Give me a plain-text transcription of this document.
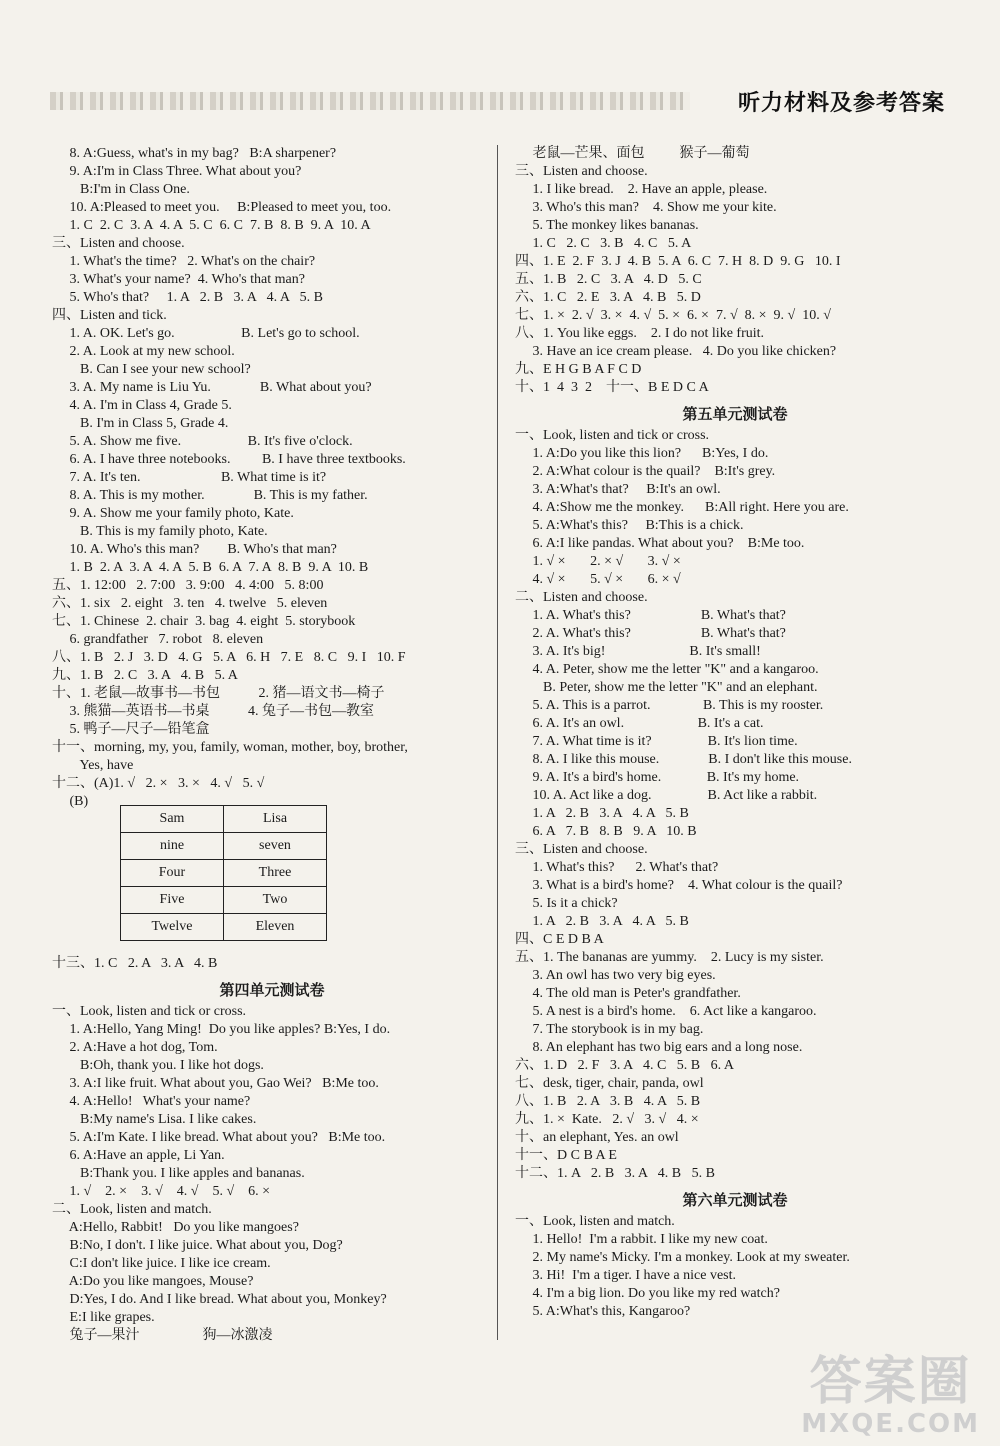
听力材料及参考答案
8. A:Guess, what's in my bag?   B:A sharpener?
9. A:I'm in Class Three. What about you?
B:I'm in Class One.
10. A:Pleased to meet you.     B:Pleased to meet you, too.
1. C  2. C  3. A  4. A  5. C  6. C  7. B  8. B  9. A  10. A
三、Listen and choose.
1. What's the time?   2. What's on the chair?
3. What's your name?  4. Who's that man?
5. Who's that?     1. A   2. B   3. A   4. A   5. B
四、Listen and tick.
1. A. OK. Let's go.                   B. Let's go to school.
2. A. Look at my new school.
B. Can I see your new school?
3. A. My name is Liu Yu.              B. What about you?
4. A. I'm in Class 4, Grade 5.
B. I'm in Class 5, Grade 4.
5. A. Show me five.                   B. It's five o'clock.
6. A. I have three notebooks.         B. I have three textbooks.
7. A. It's ten.                       B. What time is it?
8. A. This is my mother.              B. This is my father.
9. A. Show me your family photo, Kate.
B. This is my family photo, Kate.
10. A. Who's this man?        B. Who's that man?
1. B  2. A  3. A  4. A  5. B  6. A  7. A  8. B  9. A  10. B
五、1. 12:00   2. 7:00   3. 9:00   4. 4:00   5. 8:00
六、1. six   2. eight   3. ten   4. twelve   5. eleven
七、1. Chinese  2. chair  3. bag  4. eight  5. storybook
6. grandfather   7. robot   8. eleven
八、1. B   2. J   3. D   4. G   5. A   6. H   7. E   8. C   9. I   10. F
九、1. B   2. C   3. A   4. B   5. A
十、1. 老鼠—故事书—书包           2. 猪—语文书—椅子
3. 熊猫—英语书—书桌           4. 兔子—书包—教室
5. 鸭子—尺子—铅笔盒
十一、morning, my, you, family, woman, mother, boy, brother,
Yes, have
十二、(A)1. √   2. ×   3. ×   4. √   5. √
(B)
Sam	Lisa
nine	seven
Four	Three
Five	Two
Twelve	Eleven
十三、1. C   2. A   3. A   4. B
第四单元测试卷
一、Look, listen and tick or cross.
1. A:Hello, Yang Ming!  Do you like apples? B:Yes, I do.
2. A:Have a hot dog, Tom.
B:Oh, thank you. I like hot dogs.
3. A:I like fruit. What about you, Gao Wei?   B:Me too.
4. A:Hello!   What's your name?
B:My name's Lisa. I like cakes.
5. A:I'm Kate. I like bread. What about you?   B:Me too.
6. A:Have an apple, Li Yan.
B:Thank you. I like apples and bananas.
1. √    2. ×    3. √    4. √    5. √    6. ×
二、Look, listen and match.
A:Hello, Rabbit!   Do you like mangoes?
B:No, I don't. I like juice. What about you, Dog?
C:I don't like juice. I like ice cream.
A:Do you like mangoes, Mouse?
D:Yes, I do. And I like bread. What about you, Monkey?
E:I like grapes.
兔子—果汁                  狗—冰激凌
老鼠—芒果、面包          猴子—葡萄
三、Listen and choose.
1. I like bread.    2. Have an apple, please.
3. Who's this man?    4. Show me your kite.
5. The monkey likes bananas.
1. C   2. C   3. B   4. C   5. A
四、1. E  2. F  3. J  4. B  5. A  6. C  7. H  8. D  9. G   10. I
五、1. B   2. C   3. A   4. D   5. C
六、1. C   2. E   3. A   4. B   5. D
七、1. ×  2. √  3. ×  4. √  5. ×  6. ×  7. √  8. ×  9. √  10. √
八、1. You like eggs.    2. I do not like fruit.
3. Have an ice cream please.   4. Do you like chicken?
九、E H G B A F C D
十、1  4  3  2    十一、B E D C A
第五单元测试卷
一、Look, listen and tick or cross.
1. A:Do you like this lion?      B:Yes, I do.
2. A:What colour is the quail?    B:It's grey.
3. A:What's that?     B:It's an owl.
4. A:Show me the monkey.      B:All right. Here you are.
5. A:What's this?     B:This is a chick.
6. A:I like pandas. What about you?    B:Me too.
1. √ ×       2. × √       3. √ ×
4. √ ×       5. √ ×       6. × √
二、Listen and choose.
1. A. What's this?                    B. What's that?
2. A. What's this?                    B. What's that?
3. A. It's big!                        B. It's small!
4. A. Peter, show me the letter "K" and a kangaroo.
B. Peter, show me the letter "K" and an elephant.
5. A. This is a parrot.               B. This is my rooster.
6. A. It's an owl.                     B. It's a cat.
7. A. What time is it?                B. It's lion time.
8. A. I like this mouse.              B. I don't like this mouse.
9. A. It's a bird's home.             B. It's my home.
10. A. Act like a dog.                B. Act like a rabbit.
1. A   2. B   3. A   4. A   5. B
6. A   7. B   8. B   9. A   10. B
三、Listen and choose.
1. What's this?      2. What's that?
3. What is a bird's home?    4. What colour is the quail?
5. Is it a chick?
1. A   2. B   3. A   4. A   5. B
四、C E D B A
五、1. The bananas are yummy.    2. Lucy is my sister.
3. An owl has two very big eyes.
4. The old man is Peter's grandfather.
5. A nest is a bird's home.    6. Act like a kangaroo.
7. The storybook is in my bag.
8. An elephant has two big ears and a long nose.
六、1. D   2. F   3. A   4. C   5. B   6. A
七、desk, tiger, chair, panda, owl
八、1. B   2. A   3. B   4. A   5. B
九、1. ×  Kate.   2. √   3. √   4. ×
十、an elephant, Yes. an owl
十一、D C B A E
十二、1. A   2. B   3. A   4. B   5. B
第六单元测试卷
一、Look, listen and match.
1. Hello!  I'm a rabbit. I like my new coat.
2. My name's Micky. I'm a monkey. Look at my sweater.
3. Hi!  I'm a tiger. I have a nice vest.
4. I'm a big lion. Do you like my red watch?
5. A:What's this, Kangaroo?
答案圈
MXQE.COM
